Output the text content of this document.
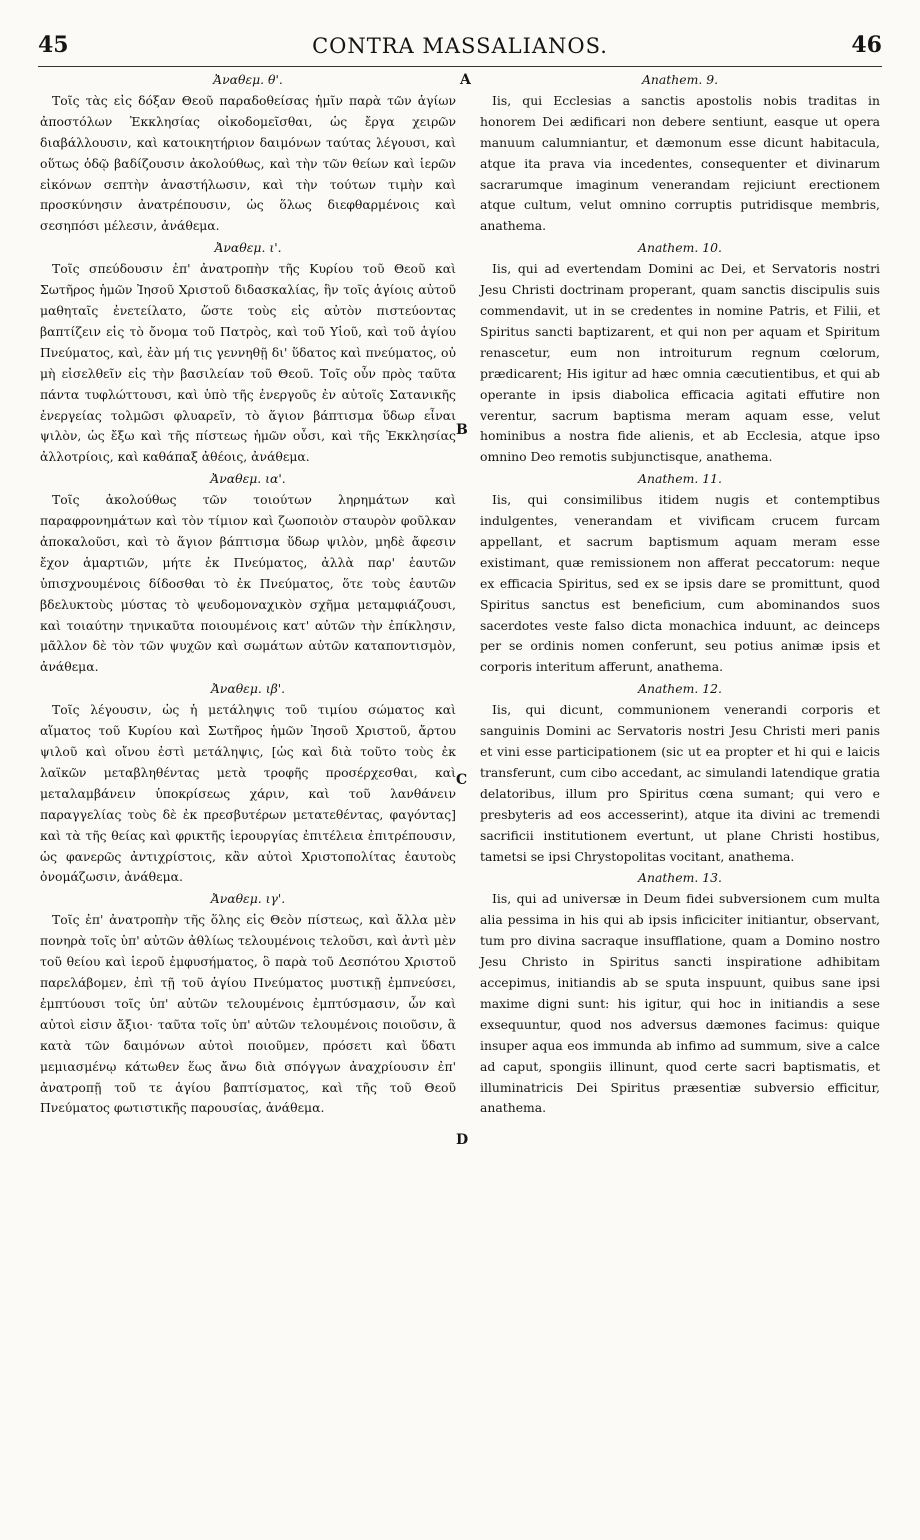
45	CONTRA MASSALIANOS.	46
A
B
C
D

Ἀναθεμ. θ'.

Τοῖς τὰς εἰς δόξαν Θεοῦ παραδοθείσας ἡμῖν παρὰ τῶν ἁγίων ἀποστόλων Ἐκκλησίας οἰκοδομεῖσθαι, ὡς ἔργα χειρῶν διαβάλλουσιν, καὶ κατοικητήριον δαιμόνων ταύτας λέγουσι, καὶ οὕτως ὁδῷ βαδίζουσιν ἀκολούθως, καὶ τὴν τῶν θείων καὶ ἱερῶν εἰκόνων σεπτὴν ἀναστήλωσιν, καὶ τὴν τούτων τιμὴν καὶ προσκύνησιν ἀνατρέπουσιν, ὡς ὅλως διεφθαρμένοις καὶ σεσηπόσι μέλεσιν, ἀνάθεμα.

Ἀναθεμ. ι'.

Τοῖς σπεύδουσιν ἐπ' ἀνατροπὴν τῆς Κυρίου τοῦ Θεοῦ καὶ Σωτῆρος ἡμῶν Ἰησοῦ Χριστοῦ διδασκαλίας, ἣν τοῖς ἁγίοις αὐτοῦ μαθηταῖς ἐνετείλατο, ὥστε τοὺς εἰς αὐτὸν πιστεύοντας βαπτίζειν εἰς τὸ ὄνομα τοῦ Πατρὸς, καὶ τοῦ Υἱοῦ, καὶ τοῦ ἁγίου Πνεύματος, καὶ, ἐὰν μή τις γεννηθῇ δι' ὕδατος καὶ πνεύματος, οὐ μὴ εἰσελθεῖν εἰς τὴν βασιλείαν τοῦ Θεοῦ. Τοῖς οὖν πρὸς ταῦτα πάντα τυφλώττουσι, καὶ ὑπὸ τῆς ἐνεργοῦς ἐν αὐτοῖς Σατανικῆς ἐνεργείας τολμῶσι φλυαρεῖν, τὸ ἅγιον βάπτισμα ὕδωρ εἶναι ψιλὸν, ὡς ἔξω καὶ τῆς πίστεως ἡμῶν οὖσι, καὶ τῆς Ἐκκλησίας ἀλλοτρίοις, καὶ καθάπαξ ἀθέοις, ἀνάθεμα.

Ἀναθεμ. ια'.

Τοῖς ἀκολούθως τῶν τοιούτων ληρημάτων καὶ παραφρονημάτων καὶ τὸν τίμιον καὶ ζωοποιὸν σταυρὸν φοῦλκαν ἀποκαλοῦσι, καὶ τὸ ἅγιον βάπτισμα ὕδωρ ψιλὸν, μηδὲ ἄφεσιν ἔχον ἁμαρτιῶν, μήτε ἐκ Πνεύματος, ἀλλὰ παρ' ἑαυτῶν ὑπισχνουμένοις δίδοσθαι τὸ ἐκ Πνεύματος, ὅτε τοὺς ἑαυτῶν βδελυκτοὺς μύστας τὸ ψευδομοναχικὸν σχῆμα μεταμφιάζουσι, καὶ τοιαύτην τηνικαῦτα ποιουμένοις κατ' αὐτῶν τὴν ἐπίκλησιν, μᾶλλον δὲ τὸν τῶν ψυχῶν καὶ σωμάτων αὐτῶν καταποντισμὸν, ἀνάθεμα.

Ἀναθεμ. ιβ'.

Τοῖς λέγουσιν, ὡς ἡ μετάληψις τοῦ τιμίου σώματος καὶ αἵματος τοῦ Κυρίου καὶ Σωτῆρος ἡμῶν Ἰησοῦ Χριστοῦ, ἄρτου ψιλοῦ καὶ οἴνου ἐστὶ μετάληψις, [ὡς καὶ διὰ τοῦτο τοὺς ἐκ λαϊκῶν μεταβληθέντας μετὰ τροφῆς προσέρχεσθαι, καὶ μεταλαμβάνειν ὑποκρίσεως χάριν, καὶ τοῦ λανθάνειν παραγγελίας τοὺς δὲ ἐκ πρεσβυτέρων μετατεθέντας, φαγόντας] καὶ τὰ τῆς θείας καὶ φρικτῆς ἱερουργίας ἐπιτέλεια ἐπιτρέπουσιν, ὡς φανερῶς ἀντιχρίστοις, κἂν αὐτοὶ Χριστοπολίτας ἑαυτοὺς ὀνομάζωσιν, ἀνάθεμα.

Ἀναθεμ. ιγ'.

Τοῖς ἐπ' ἀνατροπὴν τῆς ὅλης εἰς Θεὸν πίστεως, καὶ ἄλλα μὲν πονηρὰ τοῖς ὑπ' αὐτῶν ἀθλίως τελουμένοις τελοῦσι, καὶ ἀντὶ μὲν τοῦ θείου καὶ ἱεροῦ ἐμφυσήματος, ὃ παρὰ τοῦ Δεσπότου Χριστοῦ παρελάβομεν, ἐπὶ τῇ τοῦ ἁγίου Πνεύματος μυστικῇ ἐμπνεύσει, ἐμπτύουσι τοῖς ὑπ' αὐτῶν τελουμένοις ἐμπτύσμασιν, ὧν καὶ αὐτοὶ εἰσιν ἄξιοι· ταῦτα τοῖς ὑπ' αὐτῶν τελουμένοις ποιοῦσιν, ἃ κατὰ τῶν δαιμόνων αὐτοὶ ποιοῦμεν, πρόσετι καὶ ὕδατι μεμιασμένῳ κάτωθεν ἕως ἄνω διὰ σπόγγων ἀναχρίουσιν ἐπ' ἀνατροπῇ τοῦ τε ἁγίου βαπτίσματος, καὶ τῆς τοῦ Θεοῦ Πνεύματος φωτιστικῆς παρουσίας, ἀνάθεμα.

Anathem. 9.

Iis, qui Ecclesias a sanctis apostolis nobis traditas in honorem Dei ædificari non debere sentiunt, easque ut opera manuum calumniantur, et dæmonum esse dicunt habitacula, atque ita prava via incedentes, consequenter et divinarum sacrarumque imaginum venerandam rejiciunt erectionem atque cultum, velut omnino corruptis putridisque membris, anathema.

Anathem. 10.

Iis, qui ad evertendam Domini ac Dei, et Servatoris nostri Jesu Christi doctrinam properant, quam sanctis discipulis suis commendavit, ut in se credentes in nomine Patris, et Filii, et Spiritus sancti baptizarent, et qui non per aquam et Spiritum renascetur, eum non introiturum regnum cœlorum, prædicarent; His igitur ad hæc omnia cæcutientibus, et qui ab operante in ipsis diabolica efficacia agitati effutire non verentur, sacrum baptisma meram aquam esse, velut hominibus a nostra fide alienis, et ab Ecclesia, atque ipso omnino Deo remotis subjunctisque, anathema.

Anathem. 11.

Iis, qui consimilibus itidem nugis et contemptibus indulgentes, venerandam et vivificam crucem furcam appellant, et sacrum baptismum aquam meram esse existimant, quæ remissionem non afferat peccatorum: neque ex efficacia Spiritus, sed ex se ipsis dare se promittunt, quod Spiritus sanctus est beneficium, cum abominandos suos sacerdotes veste falso dicta monachica induunt, ac deinceps per se ordinis nomen conferunt, seu potius animæ ipsis et corporis interitum afferunt, anathema.

Anathem. 12.

Iis, qui dicunt, communionem venerandi corporis et sanguinis Domini ac Servatoris nostri Jesu Christi meri panis et vini esse participationem (sic ut ea propter et hi qui e laicis transferunt, cum cibo accedant, ac simulandi latendique gratia delatoribus, illum pro Spiritus cœna sumant; qui vero e presbyteris ad eos accesserint), atque ita divini ac tremendi sacrificii institutionem evertunt, ut plane Christi hostibus, tametsi se ipsi Chrystopolitas vocitant, anathema.

Anathem. 13.

Iis, qui ad universæ in Deum fidei subversionem cum multa alia pessima in his qui ab ipsis inficiciter initiantur, observant, tum pro divina sacraque insufflatione, quam a Domino nostro Jesu Christo in Spiritus sancti inspiratione adhibitam accepimus, initiandis ab se sputa inspuunt, quibus sane ipsi maxime digni sunt: his igitur, qui hoc in initiandis a sese exsequuntur, quod nos adversus dæmones facimus: quique insuper aqua eos immunda ab infimo ad summum, sive a calce ad caput, spongiis illinunt, quod certe sacri baptismatis, et illuminatricis Dei Spiritus præsentiæ subversio efficitur, anathema.
